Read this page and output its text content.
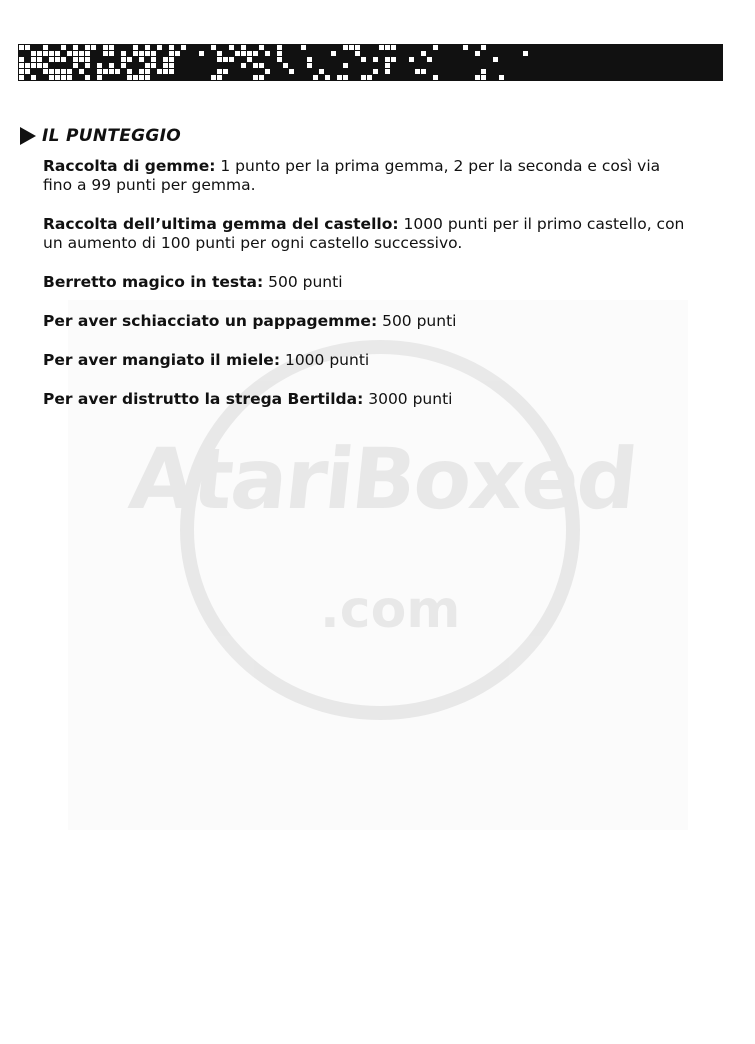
IL PUNTEGGIO

Raccolta di gemme: 1 punto per la prima gemma, 2 per la seconda e così via fino a 99 punti per gemma.

Raccolta dell’ultima gemma del castello: 1000 punti per il primo castello, con un aumento di 100 punti per ogni castello successivo.

Berretto magico in testa: 500 punti

Per aver schiacciato un pappagemme: 500 punti

Per aver mangiato il miele: 1000 punti

Per aver distrutto la strega Bertilda: 3000 punti
